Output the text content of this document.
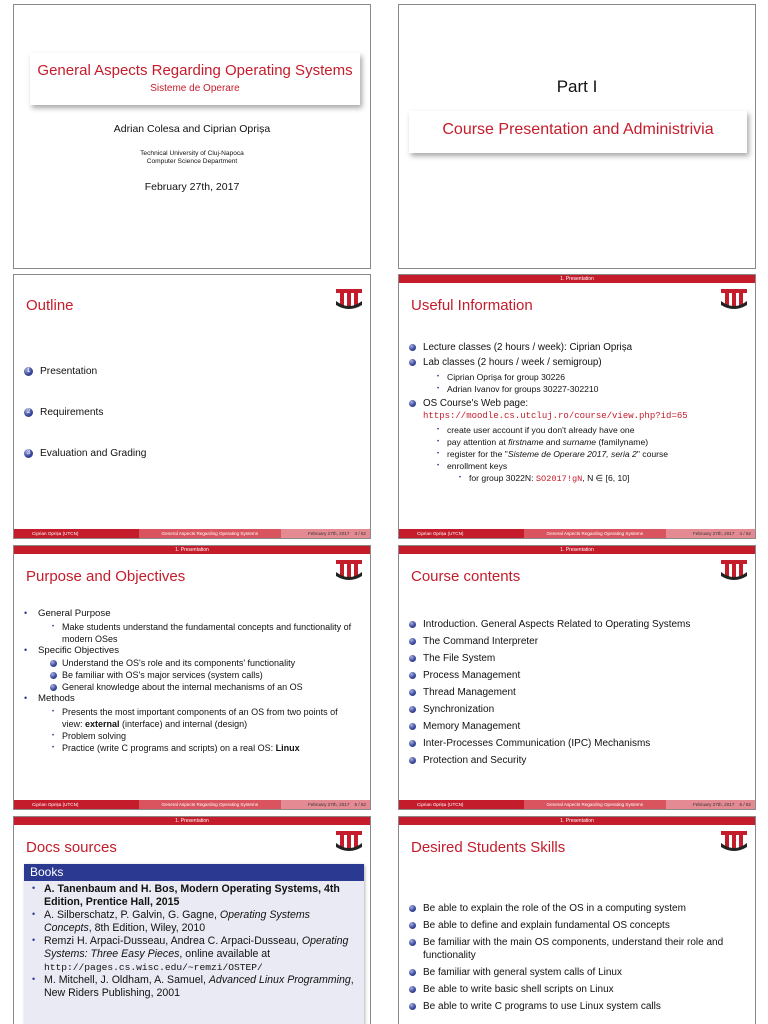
General Aspects Regarding Operating Systems
Sisteme de Operare
Adrian Colesa and Ciprian Oprișa
Technical University of Cluj-Napoca
Computer Science Department
February 27th, 2017
Part I
Course Presentation and Administrivia
Outline
1 Presentation
2 Requirements
3 Evaluation and Grading
Ciprian Oprișa (UTCN)	General Aspects Regarding Operating Systems	February 27th, 2017 3 / 62
1. Presentation
Useful Information
Lecture classes (2 hours / week): Ciprian Oprișa
Lab classes (2 hours / week / semigroup)
• Ciprian Oprișa for group 30226
• Adrian Ivanov for groups 30227-302210
OS Course's Web page:
https://moodle.cs.utcluj.ro/course/view.php?id=65
• create user account if you don't already have one
• pay attention at firstname and surname (familyname)
• register for the "Sisteme de Operare 2017, seria 2" course
• enrollment keys
• for group 3022N: SO2017!gN, N ∈ [6, 10]
Ciprian Oprișa (UTCN)	General Aspects Regarding Operating Systems	February 27th, 2017 4 / 62
1. Presentation
Purpose and Objectives
• General Purpose
• Make students understand the fundamental concepts and functionality of modern OSes
• Specific Objectives
Understand the OS's role and its components' functionality
Be familiar with OS's major services (system calls)
General knowledge about the internal mechanisms of an OS
• Methods
• Presents the most important components of an OS from two points of view: external (interface) and internal (design)
• Problem solving
• Practice (write C programs and scripts) on a real OS: Linux
Ciprian Oprișa (UTCN)	General Aspects Regarding Operating Systems	February 27th, 2017 5 / 62
1. Presentation
Course contents
Introduction. General Aspects Related to Operating Systems
The Command Interpreter
The File System
Process Management
Thread Management
Synchronization
Memory Management
Inter-Processes Communication (IPC) Mechanisms
Protection and Security
Ciprian Oprișa (UTCN)	General Aspects Regarding Operating Systems	February 27th, 2017 6 / 62
1. Presentation
Docs sources
Books
• A. Tanenbaum and H. Bos, Modern Operating Systems, 4th Edition, Prentice Hall, 2015
• A. Silberschatz, P. Galvin, G. Gagne, Operating Systems Concepts, 8th Edition, Wiley, 2010
• Remzi H. Arpaci-Dusseau, Andrea C. Arpaci-Dusseau, Operating Systems: Three Easy Pieces, online available at
http://pages.cs.wisc.edu/~remzi/OSTEP/
• M. Mitchell, J. Oldham, A. Samuel, Advanced Linux Programming, New Riders Publishing, 2001
1. Presentation
Desired Students Skills
Be able to explain the role of the OS in a computing system
Be able to define and explain fundamental OS concepts
Be familiar with the main OS components, understand their role and functionality
Be familiar with general system calls of Linux
Be able to write basic shell scripts on Linux
Be able to write C programs to use Linux system calls
